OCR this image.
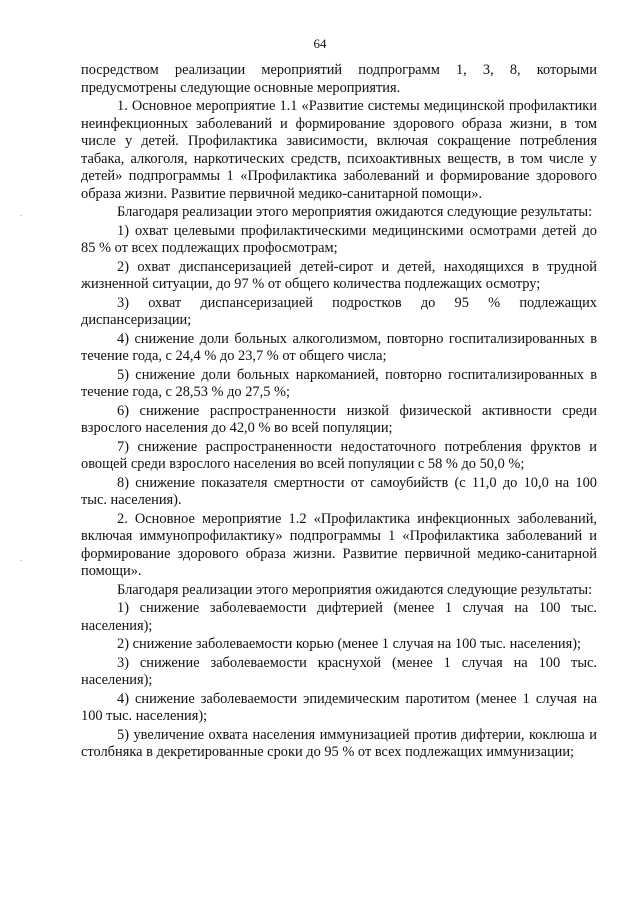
64

посредством реализации мероприятий подпрограмм 1, 3, 8, которыми предусмотрены следующие основные мероприятия.

1. Основное мероприятие 1.1 «Развитие системы медицинской профилактики неинфекционных заболеваний и формирование здорового образа жизни, в том числе у детей. Профилактика зависимости, включая сокращение потребления табака, алкоголя, наркотических средств, психоактивных веществ, в том числе у детей» подпрограммы 1 «Профилактика заболеваний и формирование здорового образа жизни. Развитие первичной медико-санитарной помощи».

Благодаря реализации этого мероприятия ожидаются следующие результаты:

1) охват целевыми профилактическими медицинскими осмотрами детей до 85 % от всех подлежащих профосмотрам;

2) охват диспансеризацией детей-сирот и детей, находящихся в трудной жизненной ситуации, до 97 % от общего количества подлежащих осмотру;

3) охват диспансеризацией подростков до 95 % подлежащих диспансеризации;

4) снижение доли больных алкоголизмом, повторно госпитализированных в течение года, с 24,4 % до 23,7 % от общего числа;

5) снижение доли больных наркоманией, повторно госпитализированных в течение года, с 28,53 % до 27,5 %;

6) снижение распространенности низкой физической активности среди взрослого населения до 42,0 % во всей популяции;

7) снижение распространенности недостаточного потребления фруктов и овощей среди взрослого населения во всей популяции с 58 % до 50,0 %;

8) снижение показателя смертности от самоубийств (с 11,0 до 10,0 на 100 тыс. населения).

2. Основное мероприятие 1.2 «Профилактика инфекционных заболеваний, включая иммунопрофилактику» подпрограммы 1 «Профилактика заболеваний и формирование здорового образа жизни. Развитие первичной медико-санитарной помощи».

Благодаря реализации этого мероприятия ожидаются следующие результаты:

1) снижение заболеваемости дифтерией (менее 1 случая на 100 тыс. населения);

2) снижение заболеваемости корью (менее 1 случая на 100 тыс. населения);

3) снижение заболеваемости краснухой (менее 1 случая на 100 тыс. населения);

4) снижение заболеваемости эпидемическим паротитом (менее 1 случая на 100 тыс. населения);

5) увеличение охвата населения иммунизацией против дифтерии, коклюша и столбняка в декретированные сроки до 95 % от всех подлежащих иммунизации;
